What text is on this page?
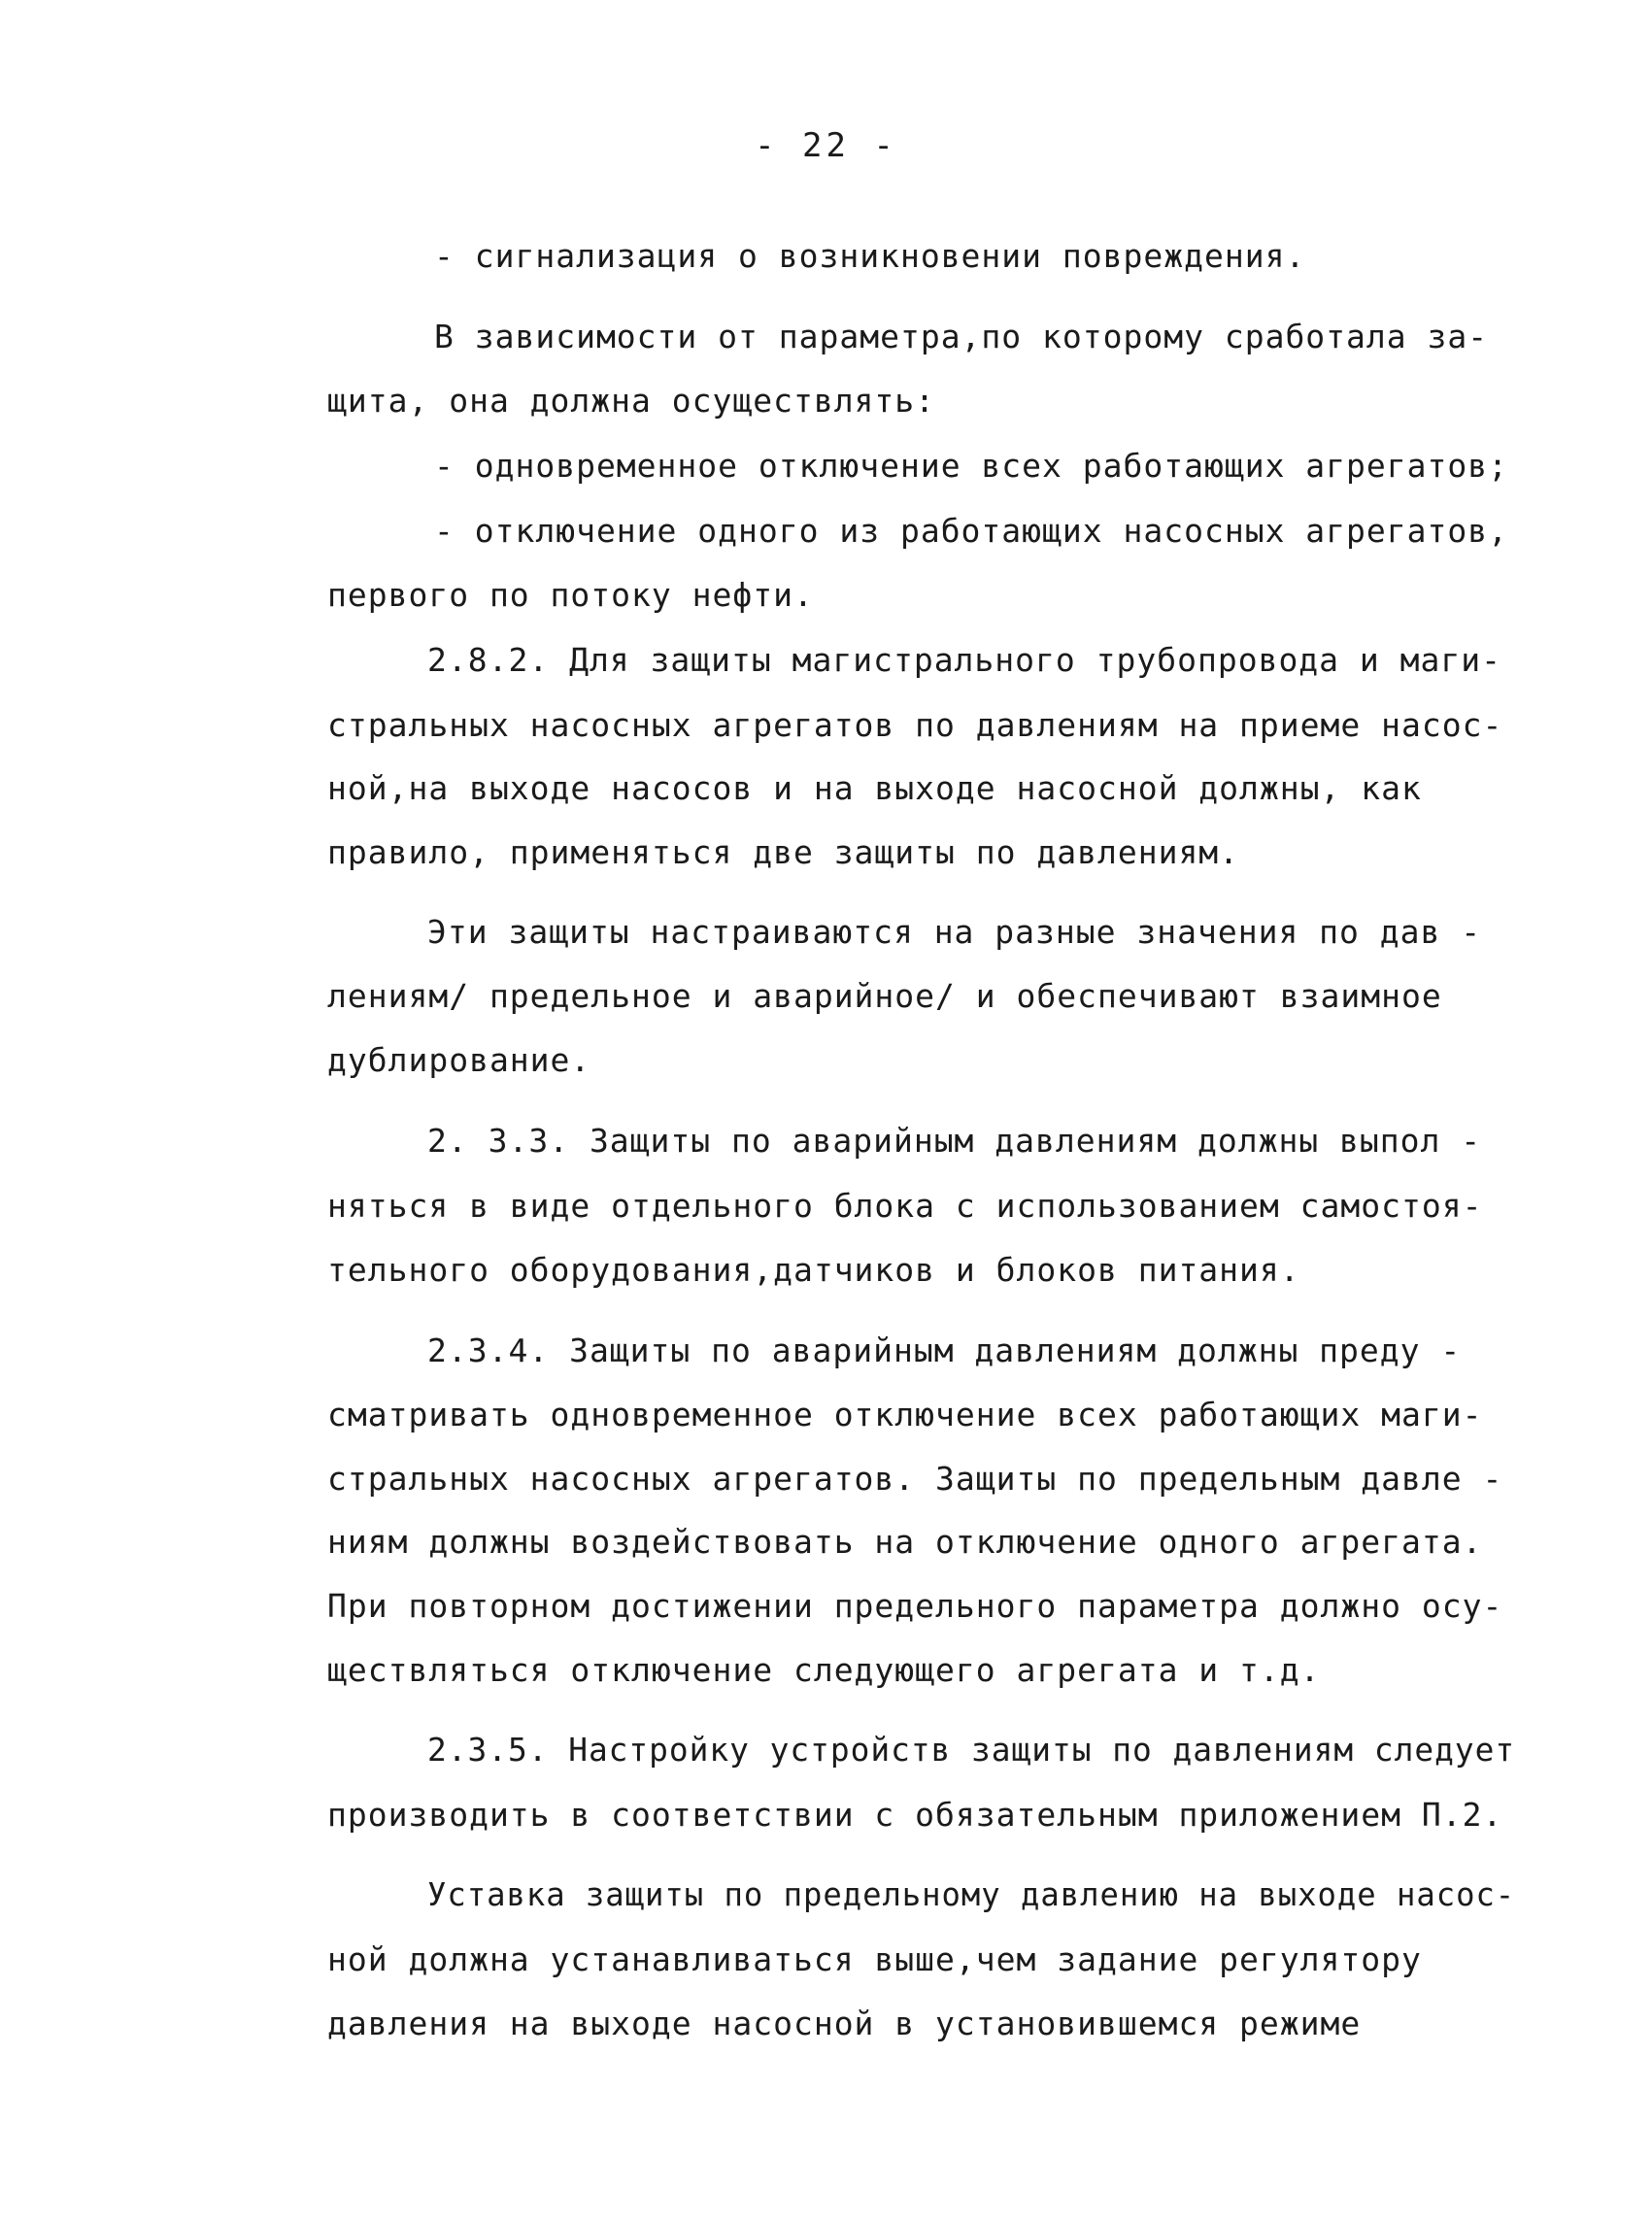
- 22 -
- сигнализация о возникновении повреждения.
В зависимости от параметра,по которому сработала за-
щита, она должна осуществлять:
- одновременное отключение всех работающих агрегатов;
- отключение одного из работающих насосных агрегатов,
первого по потоку нефти.
2.8.2. Для защиты магистрального трубопровода и маги-
стральных насосных агрегатов по давлениям на приеме насос-
ной,на выходе насосов и на выходе насосной должны, как
правило, применяться две защиты по давлениям.
Эти защиты настраиваются на разные значения по дав -
лениям/ предельное и аварийное/ и обеспечивают взаимное
дублирование.
2. 3.3. Защиты по аварийным давлениям должны выпол -
няться в виде отдельного блока с использованием самостоя-
тельного оборудования,датчиков и блоков питания.
2.3.4. Защиты по аварийным давлениям должны преду -
сматривать одновременное отключение всех работающих маги-
стральных насосных агрегатов. Защиты по предельным давле -
ниям должны воздействовать на отключение одного агрегата.
При повторном достижении предельного параметра должно осу-
ществляться отключение следующего агрегата и т.д.
2.3.5. Настройку устройств защиты по давлениям следует
производить в соответствии с обязательным приложением П.2.
Уставка защиты по предельному давлению на выходе насос-
ной должна устанавливаться выше,чем задание регулятору
давления на выходе насосной в установившемся режиме
